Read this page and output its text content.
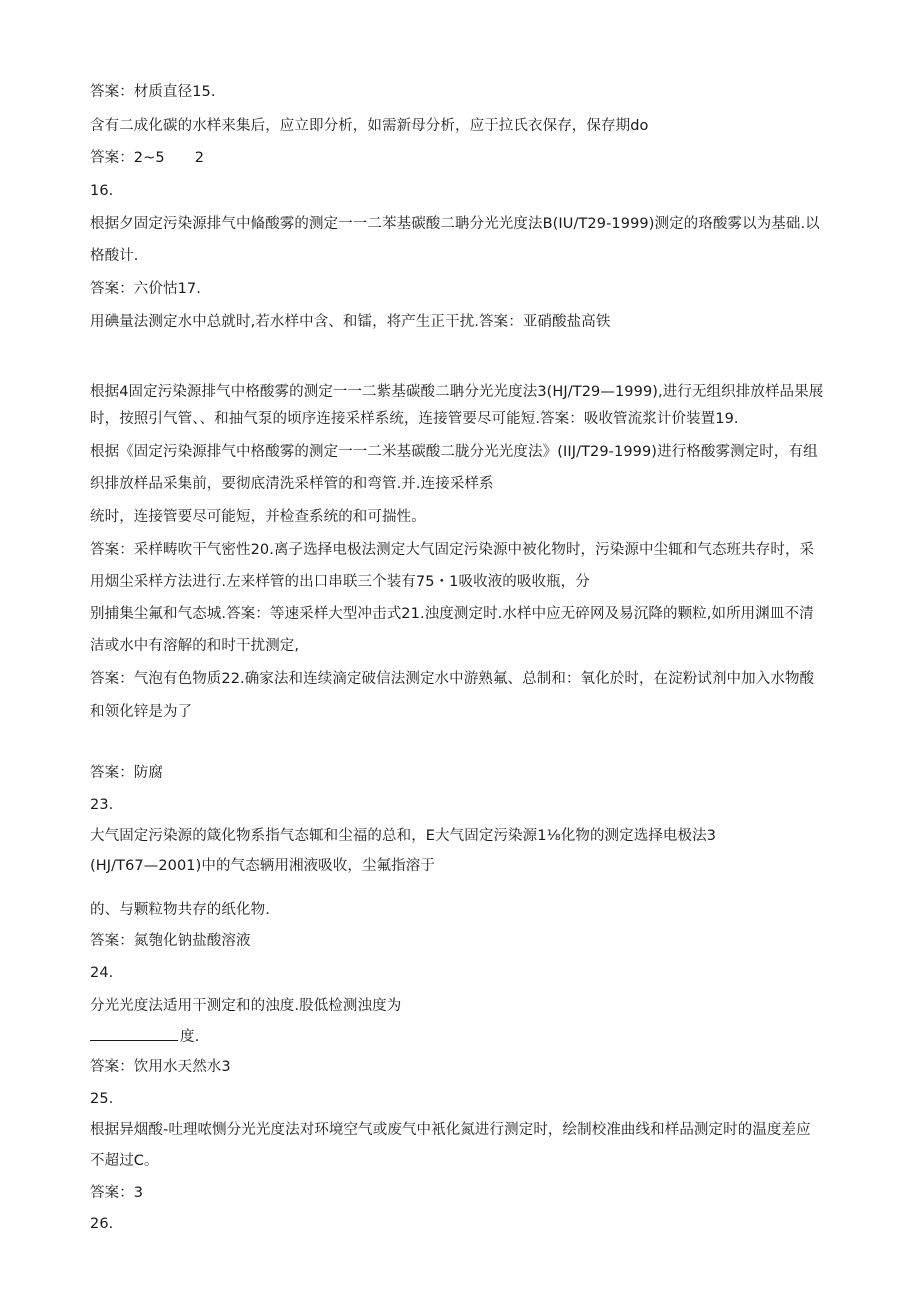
答案：材质直径15.
含有二成化碳的水样来集后，应立即分析，如需新母分析，应于拉氏衣保存，保存期do
答案：2~5 2
16.
根据夕固定污染源排气中偹酸雾的测定一一二苯基碳酸二聃分光光度法B(IU/T29-1999)测定的珞酸雾以为基础.以
格酸计.
答案：六价怙17.
用碘量法测定水中总就时,若水样中含、和镭，将产生正干扰.答案：亚硝酸盐高铁
根据4固定污染源排气中格酸雾的测定一一二紫基碳酸二聃分光光度法3(HJ/T29—1999),进行无组织排放样品果展
时，按照引气管、、和抽气泵的顷序连接采样系统，连接管要尽可能短.答案：吸收管流浆计价装置19.
根据《固定污染源排气中格酸雾的测定一一二米基碳酸二胧分光光度法》(IIJ/T29-1999)进行格酸雾测定时，有组
织排放样品采集前，要彻底清洗采样管的和弯管.并.连接采样系
统时，连接管要尽可能短，并检查系统的和可揣性。
答案：采样畴吹干气密性20.离子选择电极法测定大气固定污染源中被化物时，污染源中尘辄和气态班共存时，采
用烟尘采样方法进行.左来样管的出口串联三个装有75・1吸收液的吸收瓶，分
别捕集尘氟和气态城.答案：等速采样大型冲击式21.浊度测定时.水样中应无碎网及易沉降的颗粒,如所用渊皿不清
洁或水中有溶解的和时干扰测定,
答案：气泡有色物质22.确家法和连续滴定破信法测定水中游熟氟、总制和：氧化於时，在淀粉试剂中加入水物酸
和领化锌是为了
答案：防腐
23.
大气固定污染源的箴化物系指气态辄和尘福的总和，E大气固定污染源1⅛化物的测定选择电极法3
(HJ/T67—2001)中的气态辆用湘液吸收，尘氟指溶于
的、与颗粒物共存的纸化物.
答案：氮匏化钠盐酸溶液
24.
分光光度法适用干测定和的浊度.股低检测浊度为
度.
答案：饮用水天然水3
25.
根据异烟酸-吐理哝恻分光光度法对环境空气或废气中衹化氮进行测定时，绘制校准曲线和样品测定时的温度差应
不超过C。
答案：3
26.
